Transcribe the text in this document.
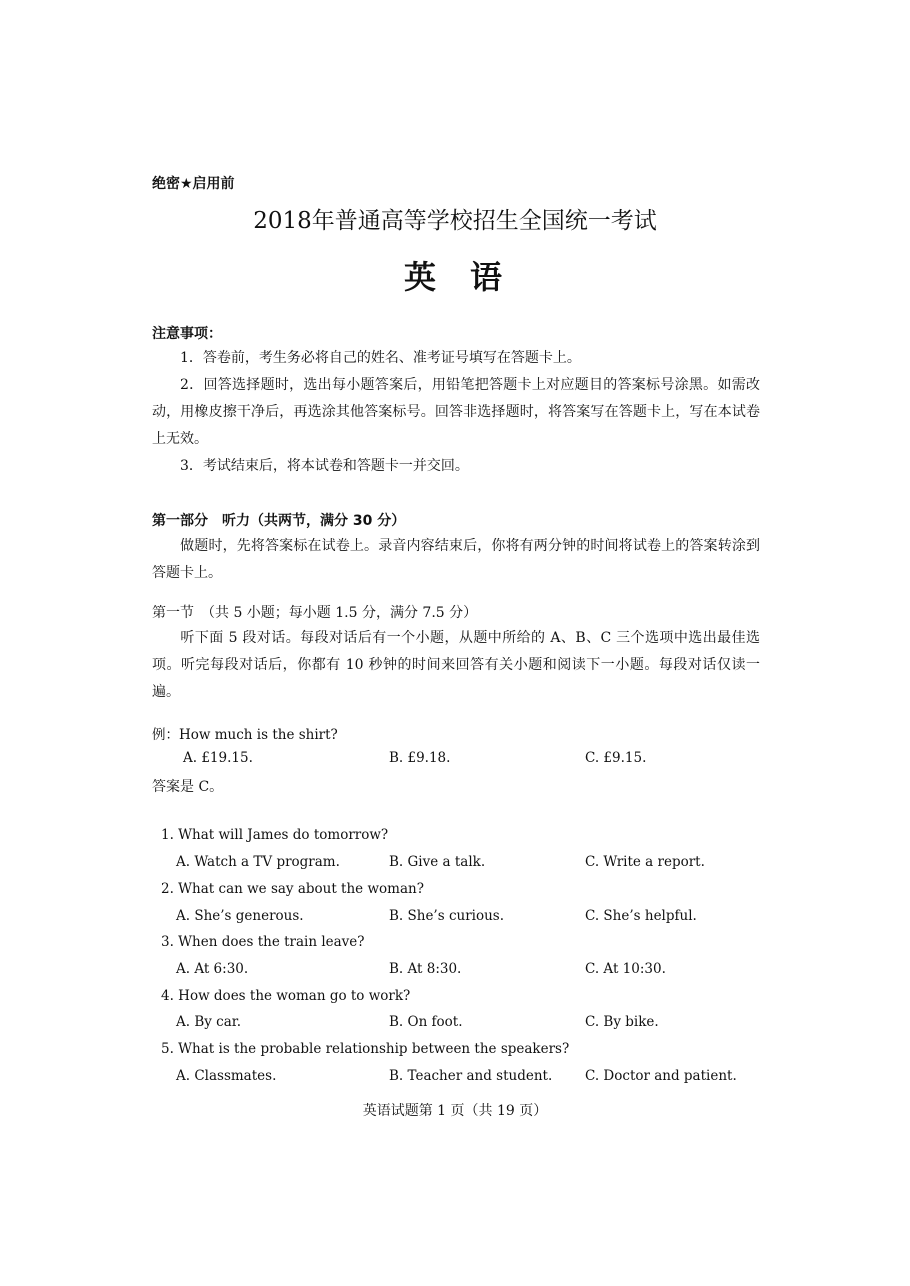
绝密★启用前
2018年普通高等学校招生全国统一考试
英语
注意事项：
1．答卷前，考生务必将自己的姓名、准考证号填写在答题卡上。
2．回答选择题时，选出每小题答案后，用铅笔把答题卡上对应题目的答案标号涂黑。如需改动，用橡皮擦干净后，再选涂其他答案标号。回答非选择题时，将答案写在答题卡上，写在本试卷上无效。
3．考试结束后，将本试卷和答题卡一并交回。
第一部分　听力（共两节，满分 30 分）
做题时，先将答案标在试卷上。录音内容结束后，你将有两分钟的时间将试卷上的答案转涂到答题卡上。
第一节　（共 5 小题；每小题 1.5 分，满分 7.5 分）
听下面 5 段对话。每段对话后有一个小题，从题中所给的 A、B、C 三个选项中选出最佳选项。听完每段对话后，你都有 10 秒钟的时间来回答有关小题和阅读下一小题。每段对话仅读一遍。
例：How much is the shirt?
A. £19.15.	B. £9.18.	C. £9.15.
答案是 C。
1. What will James do tomorrow?
A. Watch a TV program.	B. Give a talk.	C. Write a report.
2. What can we say about the woman?
A. She’s generous.	B. She’s curious.	C. She’s helpful.
3. When does the train leave?
A. At 6:30.	B. At 8:30.	C. At 10:30.
4. How does the woman go to work?
A. By car.	B. On foot.	C. By bike.
5. What is the probable relationship between the speakers?
A. Classmates.	B. Teacher and student. C. Doctor and patient.
英语试题第 1 页（共 19 页）
